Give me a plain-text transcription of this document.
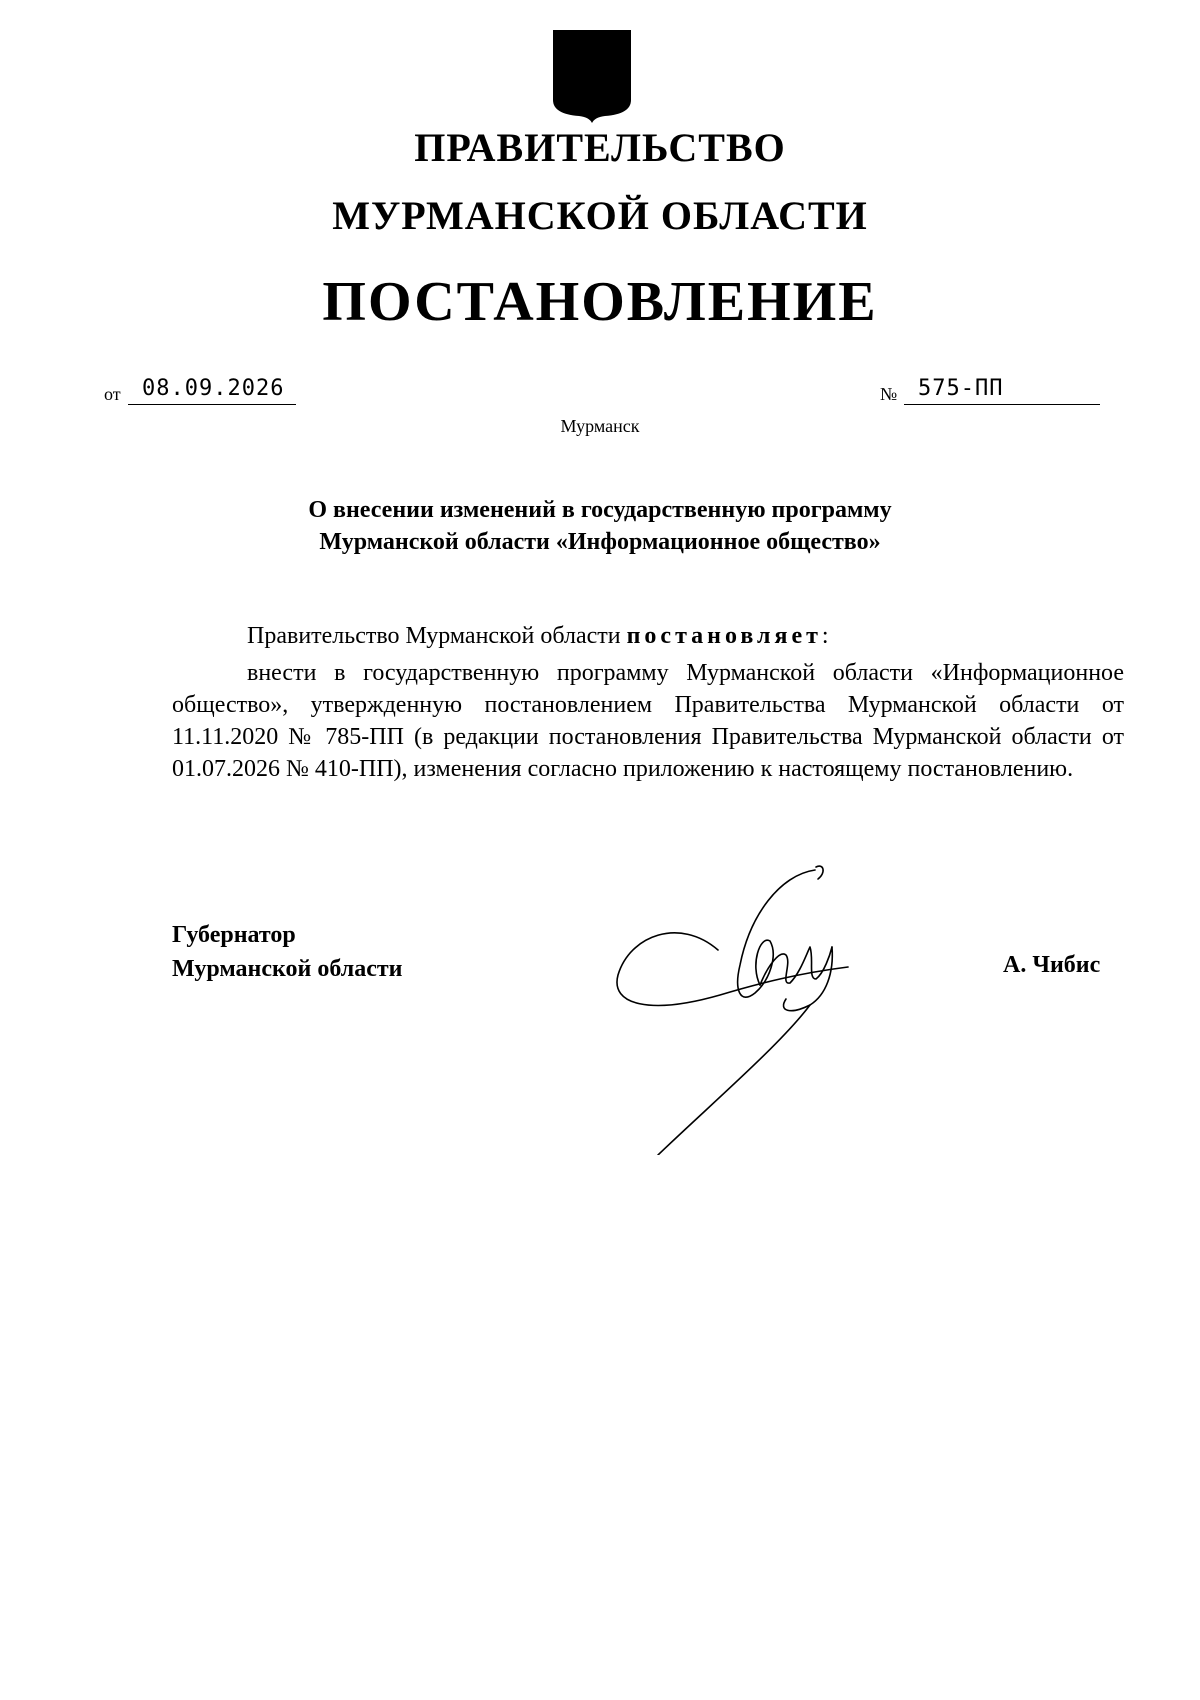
ПРАВИТЕЛЬСТВО
МУРМАНСКОЙ ОБЛАСТИ
ПОСТАНОВЛЕНИЕ
от 08.09.2026	№ 575-ПП
Мурманск
О внесении изменений в государственную программу
Мурманской области «Информационное общество»
Правительство Мурманской области постановляет:
внести в государственную программу Мурманской области «Информационное общество», утвержденную постановлением Правительства Мурманской области от 11.11.2020 № 785-ПП (в редакции постановления Правительства Мурманской области от 01.07.2026 № 410-ПП), изменения согласно приложению к настоящему постановлению.
Губернатор
Мурманской области	А. Чибис
